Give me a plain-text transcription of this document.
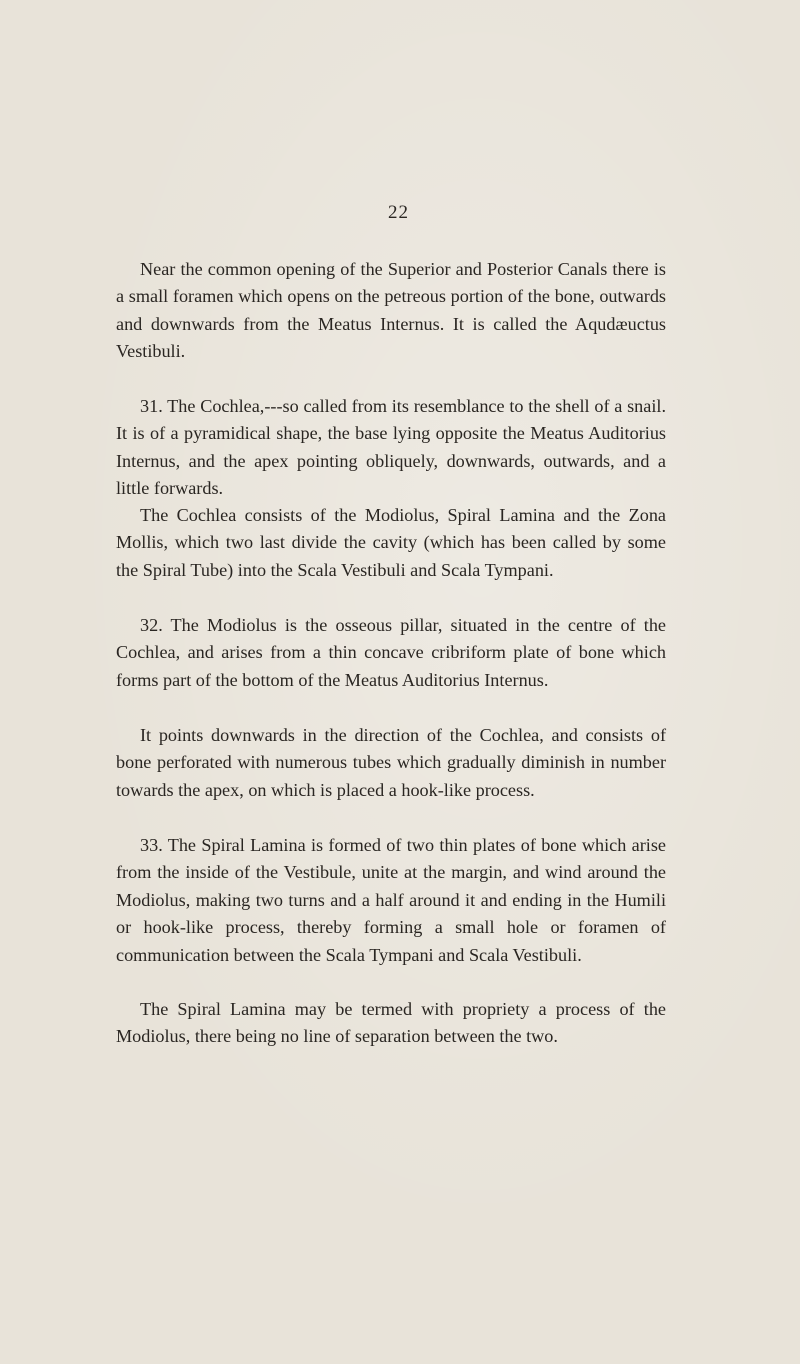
22

Near the common opening of the Superior and Posterior Canals there is a small foramen which opens on the petreous portion of the bone, outwards and downwards from the Meatus Internus. It is called the Aqudæuctus Vestibuli.

31. The Cochlea,---so called from its resemblance to the shell of a snail. It is of a pyramidical shape, the base lying opposite the Meatus Auditorius Internus, and the apex pointing obliquely, downwards, outwards, and a little forwards.

The Cochlea consists of the Modiolus, Spiral Lamina and the Zona Mollis, which two last divide the cavity (which has been called by some the Spiral Tube) into the Scala Vestibuli and Scala Tympani.

32. The Modiolus is the osseous pillar, situated in the centre of the Cochlea, and arises from a thin concave cribriform plate of bone which forms part of the bottom of the Meatus Auditorius Internus.

It points downwards in the direction of the Cochlea, and consists of bone perforated with numerous tubes which gradually diminish in number towards the apex, on which is placed a hook-like process.

33. The Spiral Lamina is formed of two thin plates of bone which arise from the inside of the Vestibule, unite at the margin, and wind around the Modiolus, making two turns and a half around it and ending in the Humili or hook-like process, thereby forming a small hole or foramen of communication between the Scala Tympani and Scala Vestibuli.

The Spiral Lamina may be termed with propriety a process of the Modiolus, there being no line of separation between the two.
